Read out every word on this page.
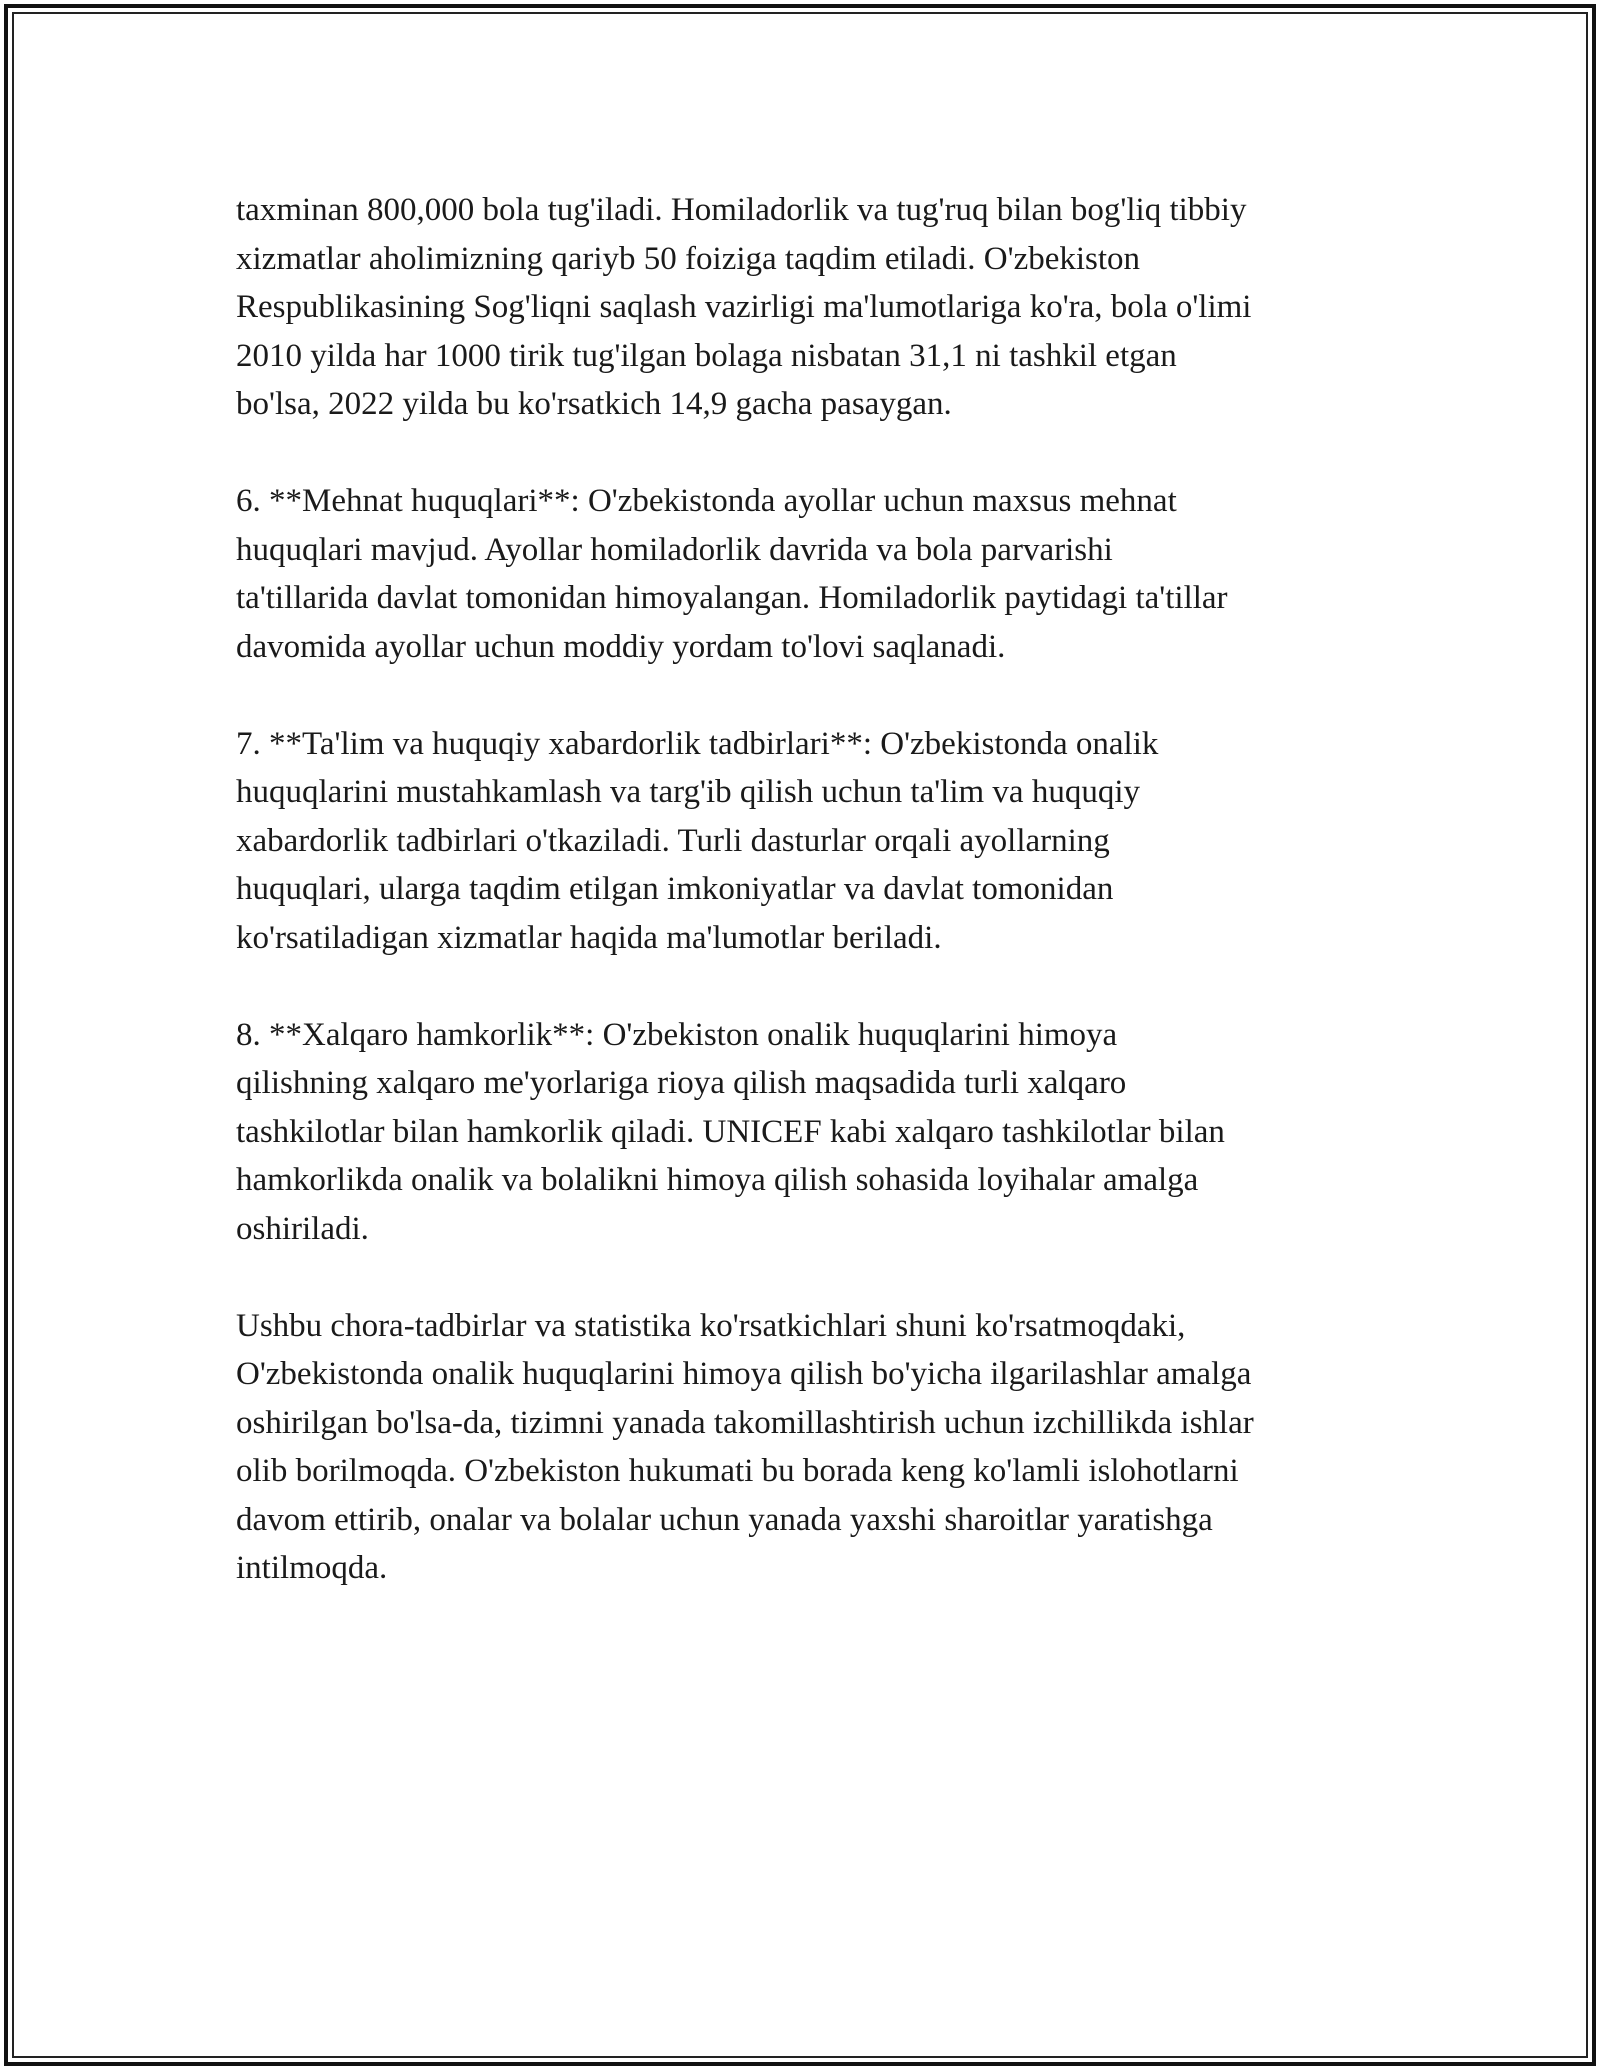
taxminan 800,000 bola tug'iladi. Homiladorlik va tug'ruq bilan bog'liq tibbiy
xizmatlar aholimizning qariyb 50 foiziga taqdim etiladi. O'zbekiston
Respublikasining Sog'liqni saqlash vazirligi ma'lumotlariga ko'ra, bola o'limi
2010 yilda har 1000 tirik tug'ilgan bolaga nisbatan 31,1 ni tashkil etgan
bo'lsa, 2022 yilda bu ko'rsatkich 14,9 gacha pasaygan.

6. **Mehnat huquqlari**: O'zbekistonda ayollar uchun maxsus mehnat
huquqlari mavjud. Ayollar homiladorlik davrida va bola parvarishi
ta'tillarida davlat tomonidan himoyalangan. Homiladorlik paytidagi ta'tillar
davomida ayollar uchun moddiy yordam to'lovi saqlanadi.

7. **Ta'lim va huquqiy xabardorlik tadbirlari**: O'zbekistonda onalik
huquqlarini mustahkamlash va targ'ib qilish uchun ta'lim va huquqiy
xabardorlik tadbirlari o'tkaziladi. Turli dasturlar orqali ayollarning
huquqlari, ularga taqdim etilgan imkoniyatlar va davlat tomonidan
ko'rsatiladigan xizmatlar haqida ma'lumotlar beriladi.

8. **Xalqaro hamkorlik**: O'zbekiston onalik huquqlarini himoya
qilishning xalqaro me'yorlariga rioya qilish maqsadida turli xalqaro
tashkilotlar bilan hamkorlik qiladi. UNICEF kabi xalqaro tashkilotlar bilan
hamkorlikda onalik va bolalikni himoya qilish sohasida loyihalar amalga
oshiriladi.

Ushbu chora-tadbirlar va statistika ko'rsatkichlari shuni ko'rsatmoqdaki,
O'zbekistonda onalik huquqlarini himoya qilish bo'yicha ilgarilashlar amalga
oshirilgan bo'lsa-da, tizimni yanada takomillashtirish uchun izchillikda ishlar
olib borilmoqda. O'zbekiston hukumati bu borada keng ko'lamli islohotlarni
davom ettirib, onalar va bolalar uchun yanada yaxshi sharoitlar yaratishga
intilmoqda.
